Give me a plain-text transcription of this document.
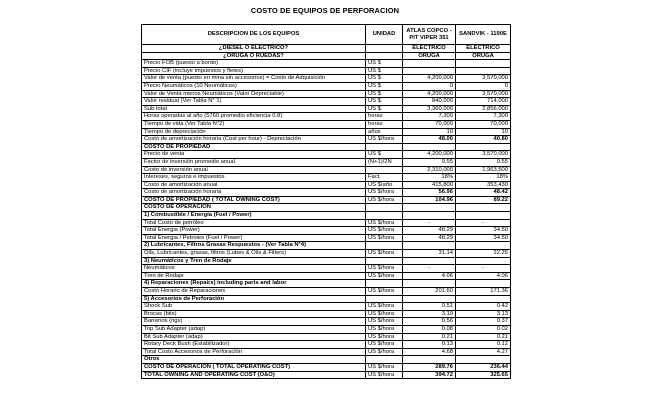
COSTO DE EQUIPOS DE PERFORACION
DESCRIPCION DE LOS EQUIPOS	UNIDAD	ATLAS COPCO - PIT VIPER 351	SANDVIK - 1190E

¿DIESEL O ELECTRICO?		ELECTRICO	ELECTRICO
¿ORUGA O RUEDAS?		ORUGA	ORUGA
Precio FOB (puesto a bordo)	US $		
Precio CIF (incluye impuestos y fletes)	US $		
Valor de venta (puesto en mina sin accesorios) = Costo de Adquisición	US $	4,200,000	3,570,000
Precio Neumáticos (10 Neumáticos)	US $	0	0
Valor de Venta menos Neumáticos (Valor Depreciable)	US $	4,200,000	3,570,000
Valor residual (Ver Tabla N° 1)	US $	840,000	714,000
Sub total	US $	3,360,000	2,856,000
Horas operadas al año (5760 promedio eficiencia 0.8)	horas	7,300	7,300
Tiempo de vida (Ver Tabla N°2)	horas	70,000	70,000
Tiempo de depreciación	años	10	10
Costo de amortización horaria (Cost per hour) - Depreciación	US $/hora	48.00	40.80
COSTO DE PROPIEDAD			
Precio de venta	US $	4,200,000	3,570,000
Factor de inversión promedio anual	(N+1)/2N	0.55	0.55
Costo de inversión anual		2,310,000	1,963,500
Intereses, seguros e impuestos	Fact.	18%	18%
Costo de amortización anual	US $/año	415,800	353,430
Costo de amortización horaria	US $/hora	56.96	48.42
COSTO DE PROPIEDAD ( TOTAL OWNING COST)	US $/hora	104.96	89.22
COSTO DE OPERACIÓN			
1) Combustible / Energía (Fuel / Power)			
Total Costo de petróleo	US $/hora	-	-
Total Energia (Power)	US $/hora	48.29	34.50
Total Energia / Petroleo (Fuel / Power)	US $/hora	48.29	34.50
2) Lubricantes, Filtros Grasas Respuestos - (Ver Tabla N°4)			
Oils, Lubricantes, grasas, filtros (Lubes & Oils & Filters)	US $/hora	31.14	22.25
3) Neumáticos y Tren de Rodaje			
Neumáticos	US $/hora	-	-
Tren de Rodaje	US $/hora	4.06	4.06
4) Reparaciones (Repairs) including parts and labor			
Costo Horario de Reparaciones	US $/hora	201.60	171.36
5) Accesorios de Perforación			
Shock Sub	US $/hora	0.51	0.42
Brocas (bits)	US $/hora	3.19	3.13
Barrenos (rigs)	US $/hora	0.56	0.37
Top Sub Adapter (adap)	US $/hora	0.08	0.02
Bit Sub Adapter (adap)	US $/hora	0.21	0.21
Rotary Deck Bush (Estabilizador)	US $/hora	0.13	0.12
Total Costo Accesorios de Perforación	US $/hora	4.68	4.27
Otros			
COSTO DE OPERACIÓN ( TOTAL OPERATING COST)	US $/hora	289.76	236.44
TOTAL OWNING AND OPERATING COST (O&O)	US $/hora	394.72	325.65
